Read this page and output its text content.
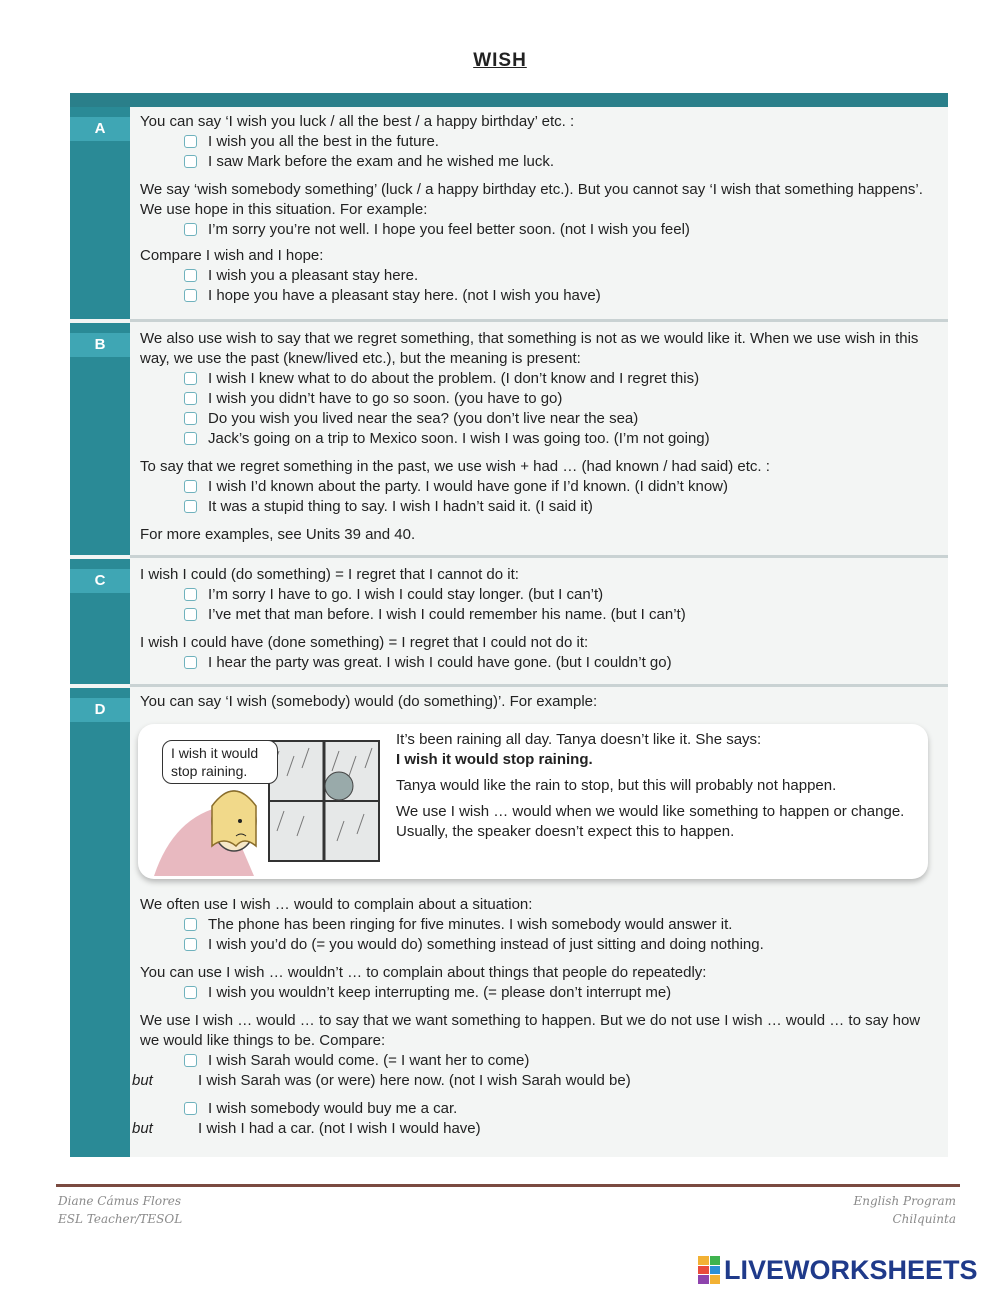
WISH
A	You can say ‘I wish you luck / all the best / a happy birthday’ etc. :

I wish you all the best in the future.

I saw Mark before the exam and he wished me luck.

We say ‘wish somebody something’ (luck / a happy birthday etc.). But you cannot say ‘I wish that something happens’. We use hope in this situation. For example:

I’m sorry you’re not well. I hope you feel better soon. (not I wish you feel)

Compare I wish and I hope:

I wish you a pleasant stay here.

I hope you have a pleasant stay here. (not I wish you have)

B	We also use wish to say that we regret something, that something is not as we would like it. When we use wish in this way, we use the past (knew/lived etc.), but the meaning is present:

I wish I knew what to do about the problem. (I don’t know and I regret this)

I wish you didn’t have to go so soon. (you have to go)

Do you wish you lived near the sea? (you don’t live near the sea)

Jack’s going on a trip to Mexico soon. I wish I was going too. (I’m not going)

To say that we regret something in the past, we use wish + had … (had known / had said) etc. :

I wish I’d known about the party. I would have gone if I’d known. (I didn’t know)

It was a stupid thing to say. I wish I hadn’t said it. (I said it)

For more examples, see Units 39 and 40.

C	I wish I could (do something) = I regret that I cannot do it:

I’m sorry I have to go. I wish I could stay longer. (but I can’t)

I’ve met that man before. I wish I could remember his name. (but I can’t)

I wish I could have (done something) = I regret that I could not do it:

I hear the party was great. I wish I could have gone. (but I couldn’t go)

D	You can say ‘I wish (somebody) would (do something)’. For example:

I wish it would stop raining.

It’s been raining all day. Tanya doesn’t like it. She says:
I wish it would stop raining.

Tanya would like the rain to stop, but this will probably not happen.

We use I wish … would when we would like something to happen or change. Usually, the speaker doesn’t expect this to happen.

We often use I wish … would to complain about a situation:

The phone has been ringing for five minutes. I wish somebody would answer it.

I wish you’d do (= you would do) something instead of just sitting and doing nothing.

You can use I wish … wouldn’t … to complain about things that people do repeatedly:

I wish you wouldn’t keep interrupting me. (= please don’t interrupt me)

We use I wish … would … to say that we want something to happen. But we do not use I wish … would … to say how we would like things to be. Compare:

I wish Sarah would come. (= I want her to come)

but	I wish Sarah was (or were) here now. (not I wish Sarah would be)

I wish somebody would buy me a car.

but	I wish I had a car. (not I wish I would have)

Diane Cámus Flores
ESL Teacher/TESOL
English Program
Chilquinta
LIVEWORKSHEETS
